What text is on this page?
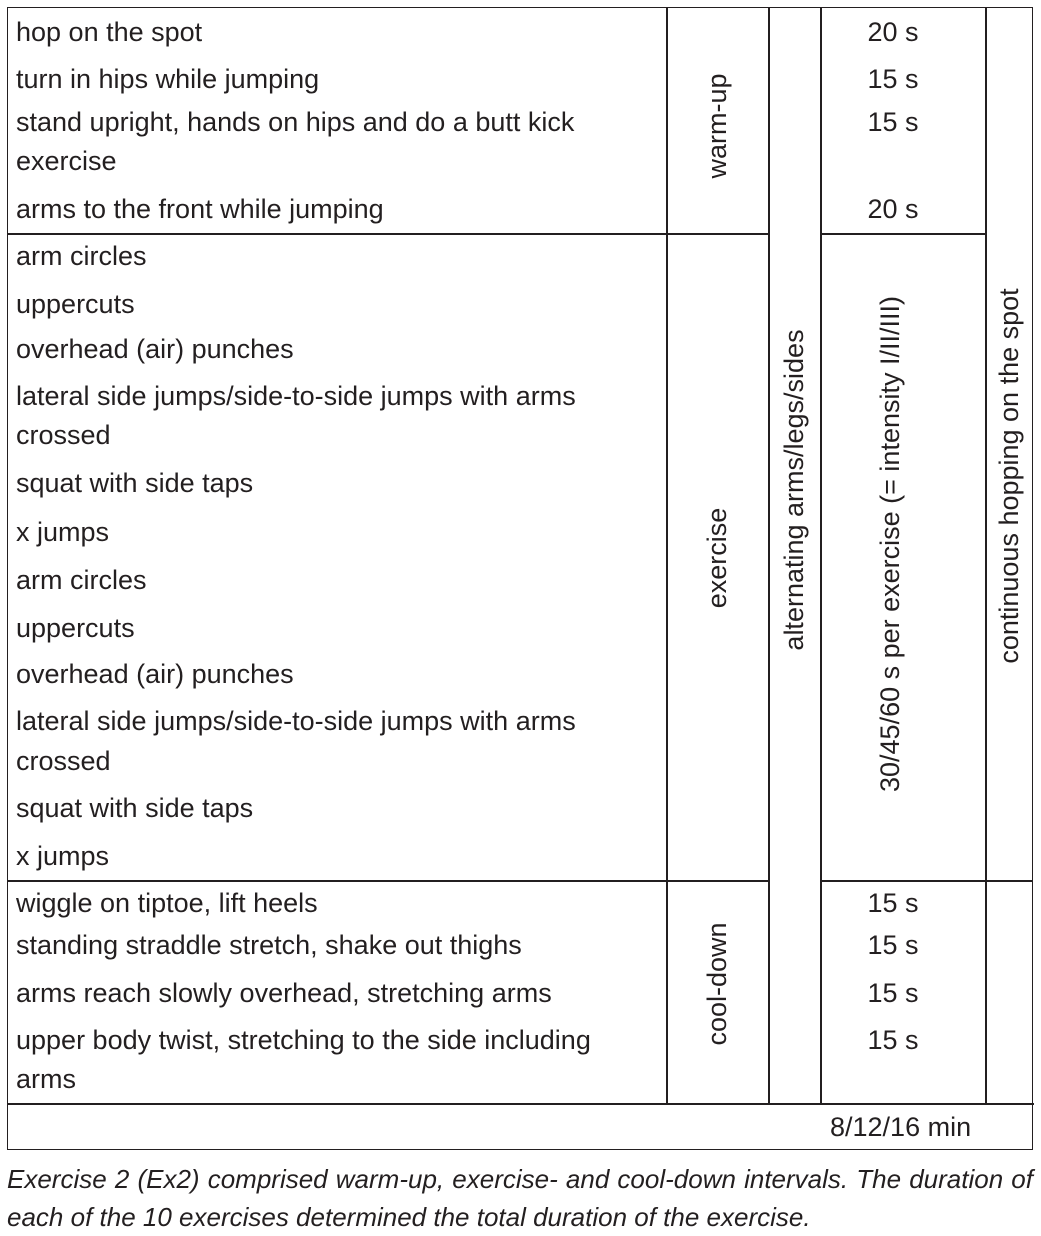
hop on the spot
turn in hips while jumping
stand upright, hands on hips and do a butt kick
exercise
arms to the front while jumping
20 s
15 s
15 s
20 s
warm-up
arm circles
uppercuts
overhead (air) punches
lateral side jumps/side-to-side jumps with arms
crossed
squat with side taps
x jumps
arm circles
uppercuts
overhead (air) punches
lateral side jumps/side-to-side jumps with arms
crossed
squat with side taps
x jumps
exercise	30/45/60 s per exercise (= intensity I/II/III)
wiggle on tiptoe, lift heels
standing straddle stretch, shake out thighs
arms reach slowly overhead, stretching arms
upper body twist, stretching to the side including
arms
15 s
15 s
15 s
15 s
cool-down
alternating arms/legs/sides	continuous hopping on the spot
8/12/16 min
Exercise 2 (Ex2) comprised warm-up, exercise- and cool-down intervals. The duration of each of the 10 exercises determined the total duration of the exercise.
